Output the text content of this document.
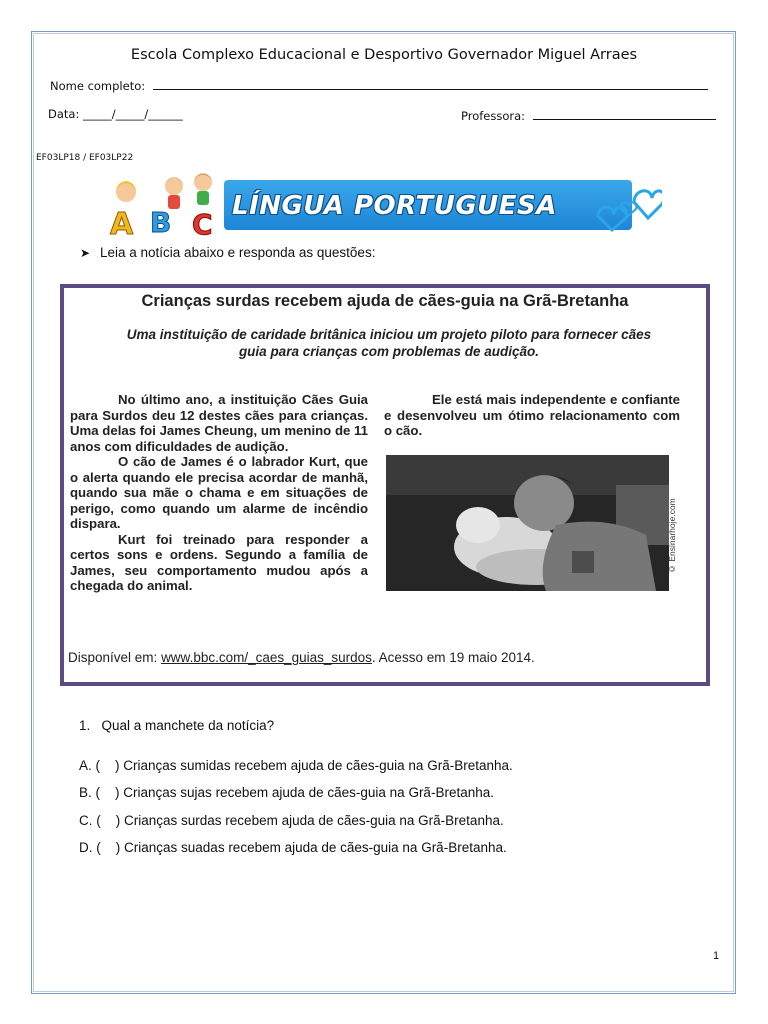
Escola Complexo Educacional e Desportivo Governador Miguel Arraes
Nome completo:
Data: _____/_____/______	Professora:
EF03LP18 / EF03LP22
A B C
LÍNGUA PORTUGUESA
➤ Leia a notícia abaixo e responda as questões:
Crianças surdas recebem ajuda de cães-guia na Grã-Bretanha
Uma instituição de caridade britânica iniciou um projeto piloto para fornecer cães guia para crianças com problemas de audição.

No último ano, a instituição Cães Guia para Surdos deu 12 destes cães para crianças. Uma delas foi James Cheung, um menino de 11 anos com dificuldades de audição.

O cão de James é o labrador Kurt, que o alerta quando ele precisa acordar de manhã, quando sua mãe o chama e em situações de perigo, como quando um alarme de incêndio dispara.

Kurt foi treinado para responder a certos sons e ordens. Segundo a família de James, seu comportamento mudou após a chegada do animal.

Ele está mais independente e confiante e desenvolveu um ótimo relacionamento com o cão.

© Ensinarhoje.com
Disponível em: www.bbc.com/_caes_guias_surdos. Acesso em 19 maio 2014.
1. Qual a manchete da notícia?
A. ( ) Crianças sumidas recebem ajuda de cães-guia na Grã-Bretanha.
B. ( ) Crianças sujas recebem ajuda de cães-guia na Grã-Bretanha.
C. ( ) Crianças surdas recebem ajuda de cães-guia na Grã-Bretanha.
D. ( ) Crianças suadas recebem ajuda de cães-guia na Grã-Bretanha.
1
